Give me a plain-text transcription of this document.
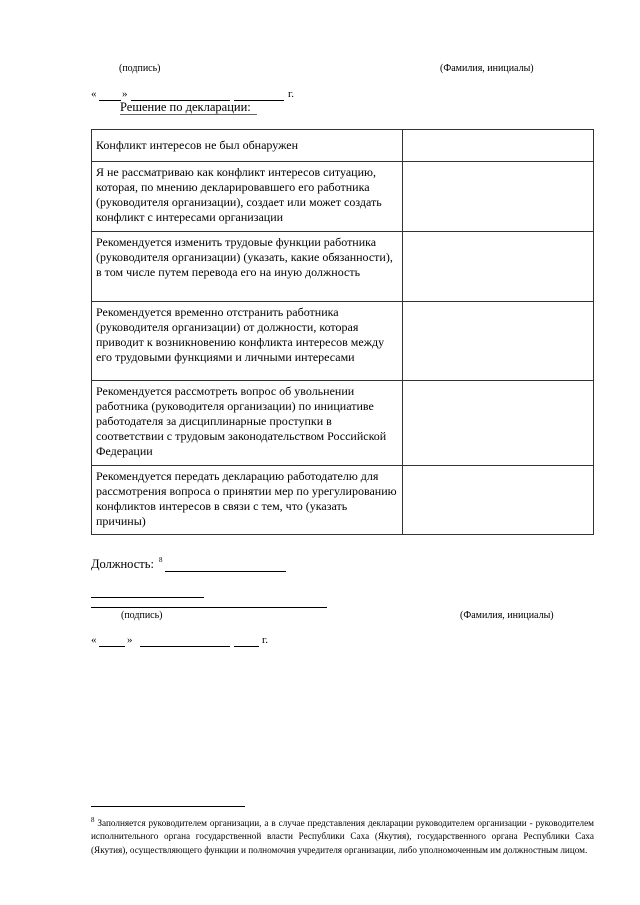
(подпись)	(Фамилия, инициалы)
« »	г.
Решение по декларации:
Конфликт интересов не был обнаружен	
Я не рассматриваю как конфликт интересов ситуацию, которая, по мнению декларировавшего его работника (руководителя организации), создает или может создать конфликт с интересами организации	
Рекомендуется изменить трудовые функции работника (руководителя организации) (указать, какие обязанности), в том числе путем перевода его на иную должность	
Рекомендуется временно отстранить работника (руководителя организации) от должности, которая приводит к возникновению конфликта интересов между его трудовыми функциями и личными интересами	
Рекомендуется рассмотреть вопрос об увольнении работника (руководителя организации) по инициативе работодателя за дисциплинарные проступки в соответствии с трудовым законодательством Российской Федерации	
Рекомендуется передать декларацию работодателю для рассмотрения вопроса о принятии мер по урегулированию конфликтов интересов в связи с тем, что (указать причины)	
Должность: 8
(подпись)	(Фамилия, инициалы)
«	»	г.
$^8$ Заполняется руководителем организации, а в случае представления декларации руководителем организации - руководителем исполнительного органа государственной власти Республики Саха (Якутия), государственного органа Республики Саха (Якутия), осуществляющего функции и полномочия учредителя организации, либо уполномоченным им должностным лицом.
